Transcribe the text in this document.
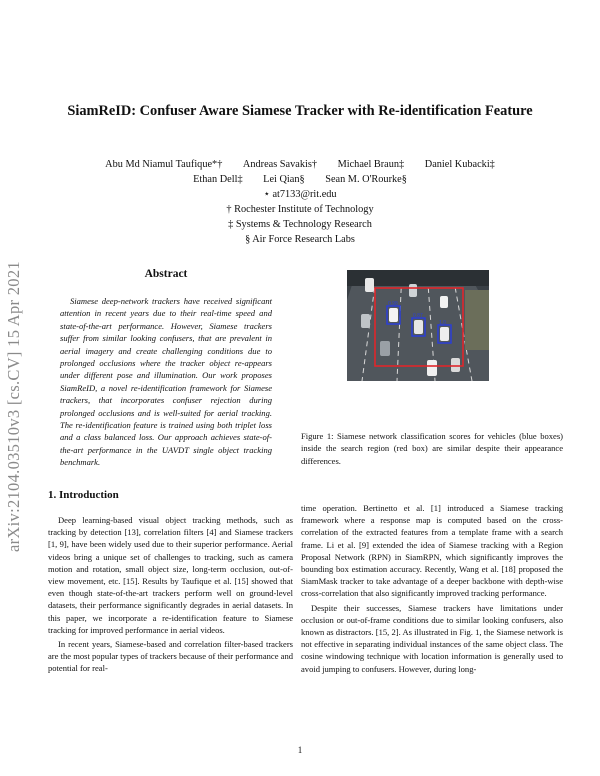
arXiv:2104.03510v3 [cs.CV] 15 Apr 2021
SiamReID: Confuser Aware Siamese Tracker with Re-identification Feature
Abu Md Niamul Taufique*† Andreas Savakis† Michael Braun‡ Daniel Kubacki‡
Ethan Dell‡ Lei Qian§ Sean M. O'Rourke§
⋆ at7133@rit.edu
† Rochester Institute of Technology
‡ Systems & Technology Research
§ Air Force Research Labs
Abstract

Siamese deep-network trackers have received significant attention in recent years due to their real-time speed and state-of-the-art performance. However, Siamese trackers suffer from similar looking confusers, that are prevalent in aerial imagery and create challenging conditions due to prolonged occlusions where the tracker object re-appears under different pose and illumination. Our work proposes SiamReID, a novel re-identification framework for Siamese trackers, that incorporates confuser rejection during prolonged occlusions and is well-suited for aerial tracking. The re-identification feature is trained using both triplet loss and a class balanced loss. Our approach achieves state-of-the-art performance in the UAVDT single object tracking benchmark.

0.98
0.87
1.0

Figure 1: Siamese network classification scores for vehicles (blue boxes) inside the search region (red box) are similar despite their appearance differences.

1. Introduction

Deep learning-based visual object tracking methods, such as tracking by detection [13], correlation filters [4] and Siamese trackers [1, 9], have been widely used due to their superior performance. Aerial videos bring a unique set of challenges to tracking, such as camera motion and rotation, small object size, long-term occlusion, out-of-view movement, etc. [15]. Results by Taufique et al. [15] showed that even though state-of-the-art trackers perform well on ground-level datasets, their performance significantly degrades in aerial datasets. In this paper, we incorporate a re-identification feature to Siamese tracking for improved performance in aerial videos.

In recent years, Siamese-based and correlation filter-based trackers are the most popular types of trackers because of their performance and potential for real-

time operation. Bertinetto et al. [1] introduced a Siamese tracking framework where a response map is computed based on the cross-correlation of the extracted features from a template frame with a search frame. Li et al. [9] extended the idea of Siamese tracking with a Region Proposal Network (RPN) in SiamRPN, which significantly improves the bounding box estimation accuracy. Recently, Wang et al. [18] proposed the SiamMask tracker to take advantage of a deeper backbone with depth-wise cross-correlation that also significantly improved tracking performance.

Despite their successes, Siamese trackers have limitations under occlusion or out-of-frame conditions due to similar looking confusers, also known as distractors. [15, 2]. As illustrated in Fig. 1, the Siamese network is not effective in separating individual instances of the same object class. The cosine windowing technique with location information is generally used to avoid jumping to confusers. However, during long-

1
